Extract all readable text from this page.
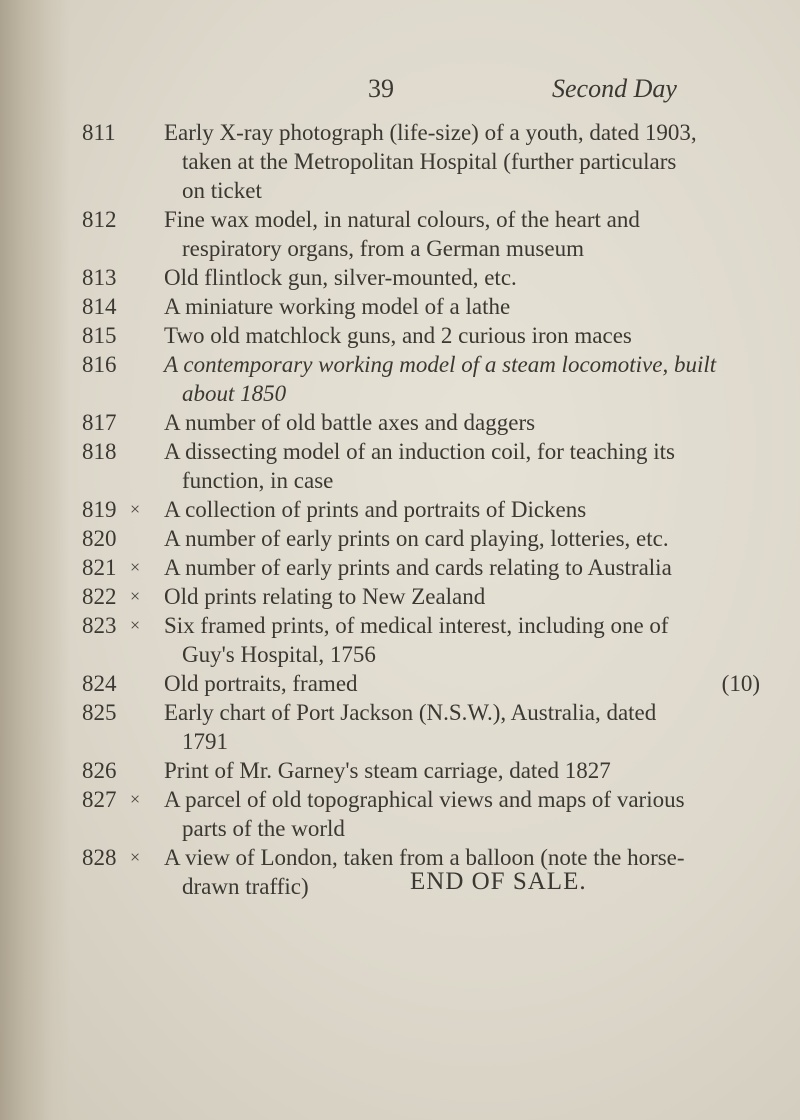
39	Second Day
811 Early X-ray photograph (life-size) of a youth, dated 1903,
taken at the Metropolitan Hospital (further particulars
on ticket
812 Fine wax model, in natural colours, of the heart and
respiratory organs, from a German museum
813 Old flintlock gun, silver-mounted, etc.
814 A miniature working model of a lathe
815 Two old matchlock guns, and 2 curious iron maces
816 A contemporary working model of a steam locomotive, built
about 1850
817 A number of old battle axes and daggers
818 A dissecting model of an induction coil, for teaching its
function, in case
819 × A collection of prints and portraits of Dickens
820 A number of early prints on card playing, lotteries, etc.
821 × A number of early prints and cards relating to Australia
822 × Old prints relating to New Zealand
823 × Six framed prints, of medical interest, including one of
Guy's Hospital, 1756
824 Old portraits, framed	(10)
825 Early chart of Port Jackson (N.S.W.), Australia, dated
1791
826 Print of Mr. Garney's steam carriage, dated 1827
827 × A parcel of old topographical views and maps of various
parts of the world
828 × A view of London, taken from a balloon (note the horse-
drawn traffic)	END OF SALE.
